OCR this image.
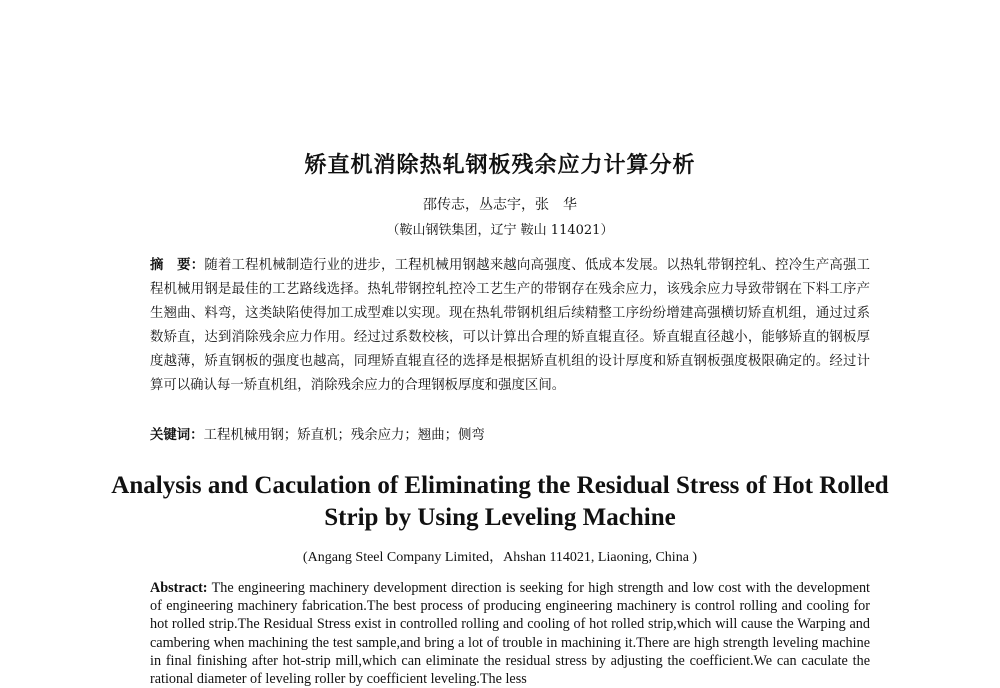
矫直机消除热轧钢板残余应力计算分析
邵传志，丛志宇，张　华
（鞍山钢铁集团，辽宁 鞍山 114021）
摘　要：随着工程机械制造行业的进步，工程机械用钢越来越向高强度、低成本发展。以热轧带钢控轧、控冷生产高强工程机械用钢是最佳的工艺路线选择。热轧带钢控轧控冷工艺生产的带钢存在残余应力，该残余应力导致带钢在下料工序产生翘曲、料弯，这类缺陷使得加工成型难以实现。现在热轧带钢机组后续精整工序纷纷增建高强横切矫直机组，通过过系数矫直，达到消除残余应力作用。经过过系数校核，可以计算出合理的矫直辊直径。矫直辊直径越小，能够矫直的钢板厚度越薄，矫直钢板的强度也越高，同理矫直辊直径的选择是根据矫直机组的设计厚度和矫直钢板强度极限确定的。经过计算可以确认每一矫直机组，消除残余应力的合理钢板厚度和强度区间。
关键词：工程机械用钢；矫直机；残余应力；翘曲；侧弯
Analysis and Caculation of Eliminating the Residual Stress of Hot Rolled
Strip by Using Leveling Machine
(Angang Steel Company Limited，Ahshan 114021, Liaoning, China )
Abstract: The engineering machinery development direction is seeking for high strength and low cost with the development of engineering machinery fabrication.The best process of producing engineering machinery is control rolling and cooling for hot rolled strip.The Residual Stress exist in controlled rolling and cooling of hot rolled strip,which will cause the Warping and cambering when machining the test sample,and bring a lot of trouble in machining it.There are high strength leveling machine in final finishing after hot-strip mill,which can eliminate the residual stress by adjusting the coefficient.We can caculate the rational diameter of leveling roller by coefficient leveling.The less
